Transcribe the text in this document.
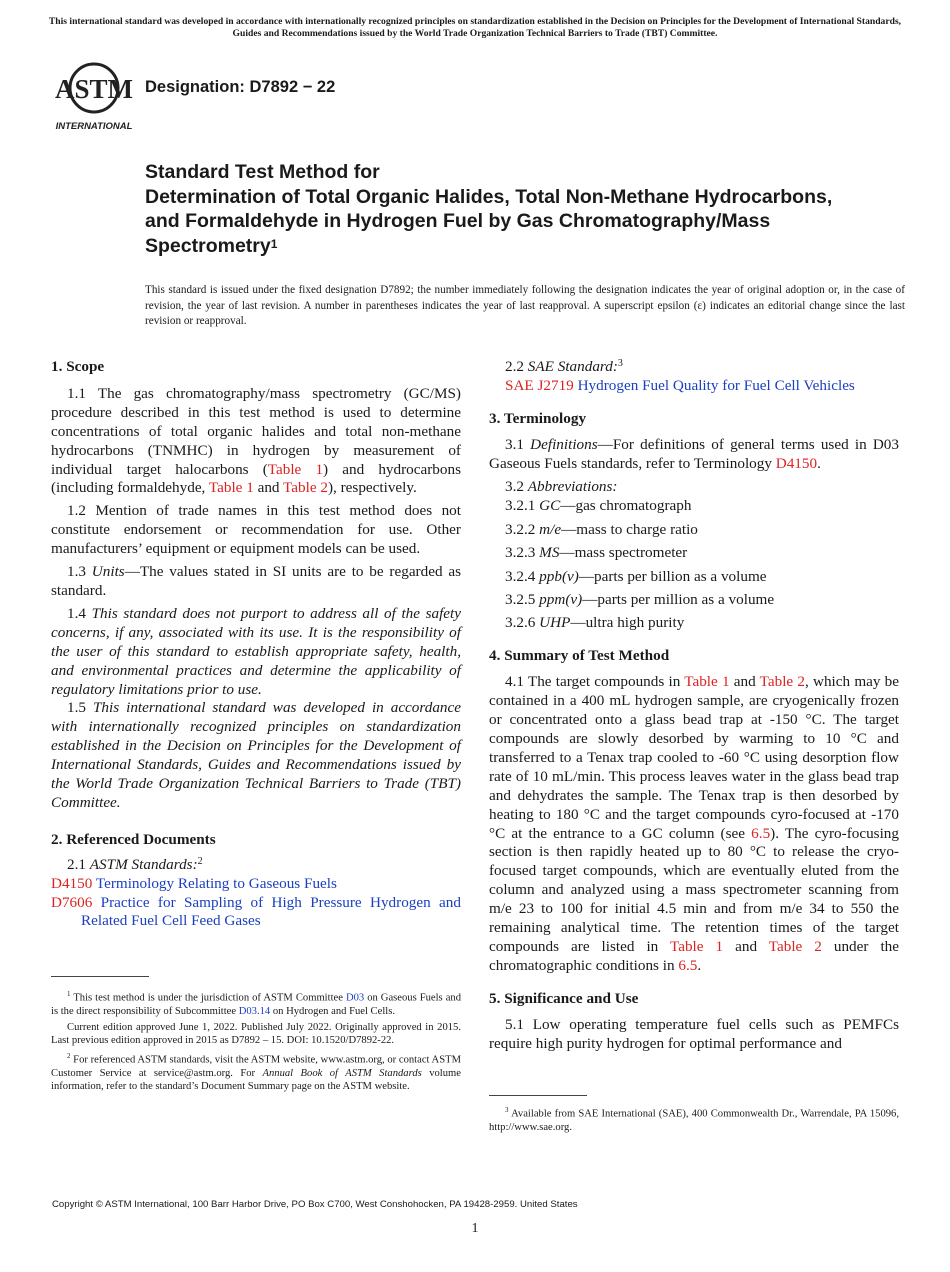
This international standard was developed in accordance with internationally recognized principles on standardization established in the Decision on Principles for the Development of International Standards, Guides and Recommendations issued by the World Trade Organization Technical Barriers to Trade (TBT) Committee.
ASTM
INTERNATIONAL
Designation: D7892 − 22
Standard Test Method for
Determination of Total Organic Halides, Total Non-Methane Hydrocarbons, and Formaldehyde in Hydrogen Fuel by Gas Chromatography/Mass Spectrometry$^1$
This standard is issued under the fixed designation D7892; the number immediately following the designation indicates the year of original adoption or, in the case of revision, the year of last revision. A number in parentheses indicates the year of last reapproval. A superscript epsilon (ε) indicates an editorial change since the last revision or reapproval.

1. Scope

1.1 The gas chromatography/mass spectrometry (GC/MS) procedure described in this test method is used to determine concentrations of total organic halides and total non-methane hydrocarbons (TNMHC) in hydrogen by measurement of individual target halocarbons (Table 1) and hydrocarbons (including formaldehyde, Table 1 and Table 2), respectively.

1.2 Mention of trade names in this test method does not constitute endorsement or recommendation for use. Other manufacturers’ equipment or equipment models can be used.

1.3 Units—The values stated in SI units are to be regarded as standard.

1.4 This standard does not purport to address all of the safety concerns, if any, associated with its use. It is the responsibility of the user of this standard to establish appropriate safety, health, and environmental practices and determine the applicability of regulatory limitations prior to use.

1.5 This international standard was developed in accordance with internationally recognized principles on standardization established in the Decision on Principles for the Development of International Standards, Guides and Recommendations issued by the World Trade Organization Technical Barriers to Trade (TBT) Committee.

2. Referenced Documents

2.1 ASTM Standards:$^2$

D4150 Terminology Relating to Gaseous Fuels

D7606 Practice for Sampling of High Pressure Hydrogen and Related Fuel Cell Feed Gases

2.2 SAE Standard:$^3$

SAE J2719 Hydrogen Fuel Quality for Fuel Cell Vehicles

3. Terminology

3.1 Definitions—For definitions of general terms used in D03 Gaseous Fuels standards, refer to Terminology D4150.

3.2 Abbreviations:

3.2.1 GC—gas chromatograph

3.2.2 m/e—mass to charge ratio

3.2.3 MS—mass spectrometer

3.2.4 ppb(v)—parts per billion as a volume

3.2.5 ppm(v)—parts per million as a volume

3.2.6 UHP—ultra high purity

4. Summary of Test Method

4.1 The target compounds in Table 1 and Table 2, which may be contained in a 400 mL hydrogen sample, are cryogenically frozen or concentrated onto a glass bead trap at -150 °C. The target compounds are slowly desorbed by warming to 10 °C and transferred to a Tenax trap cooled to -60 °C using desorption flow rate of 10 mL/min. This process leaves water in the glass bead trap and dehydrates the sample. The Tenax trap is then desorbed by heating to 180 °C and the target compounds cyro-focused at -170 °C at the entrance to a GC column (see 6.5). The cyro-focusing section is then rapidly heated up to 80 °C to release the cryo-focused target compounds, which are eventually eluted from the column and analyzed using a mass spectrometer scanning from m/e 23 to 100 for initial 4.5 min and from m/e 34 to 550 the remaining analytical time. The retention times of the target compounds are listed in Table 1 and Table 2 under the chromatographic conditions in 6.5.

5. Significance and Use

5.1 Low operating temperature fuel cells such as PEMFCs require high purity hydrogen for optimal performance and

$^1$ This test method is under the jurisdiction of ASTM Committee D03 on Gaseous Fuels and is the direct responsibility of Subcommittee D03.14 on Hydrogen and Fuel Cells.

Current edition approved June 1, 2022. Published July 2022. Originally approved in 2015. Last previous edition approved in 2015 as D7892 – 15. DOI: 10.1520/D7892-22.

$^2$ For referenced ASTM standards, visit the ASTM website, www.astm.org, or contact ASTM Customer Service at service@astm.org. For Annual Book of ASTM Standards volume information, refer to the standard’s Document Summary page on the ASTM website.

$^3$ Available from SAE International (SAE), 400 Commonwealth Dr., Warrendale, PA 15096, http://www.sae.org.

Copyright © ASTM International, 100 Barr Harbor Drive, PO Box C700, West Conshohocken, PA 19428-2959. United States
1
